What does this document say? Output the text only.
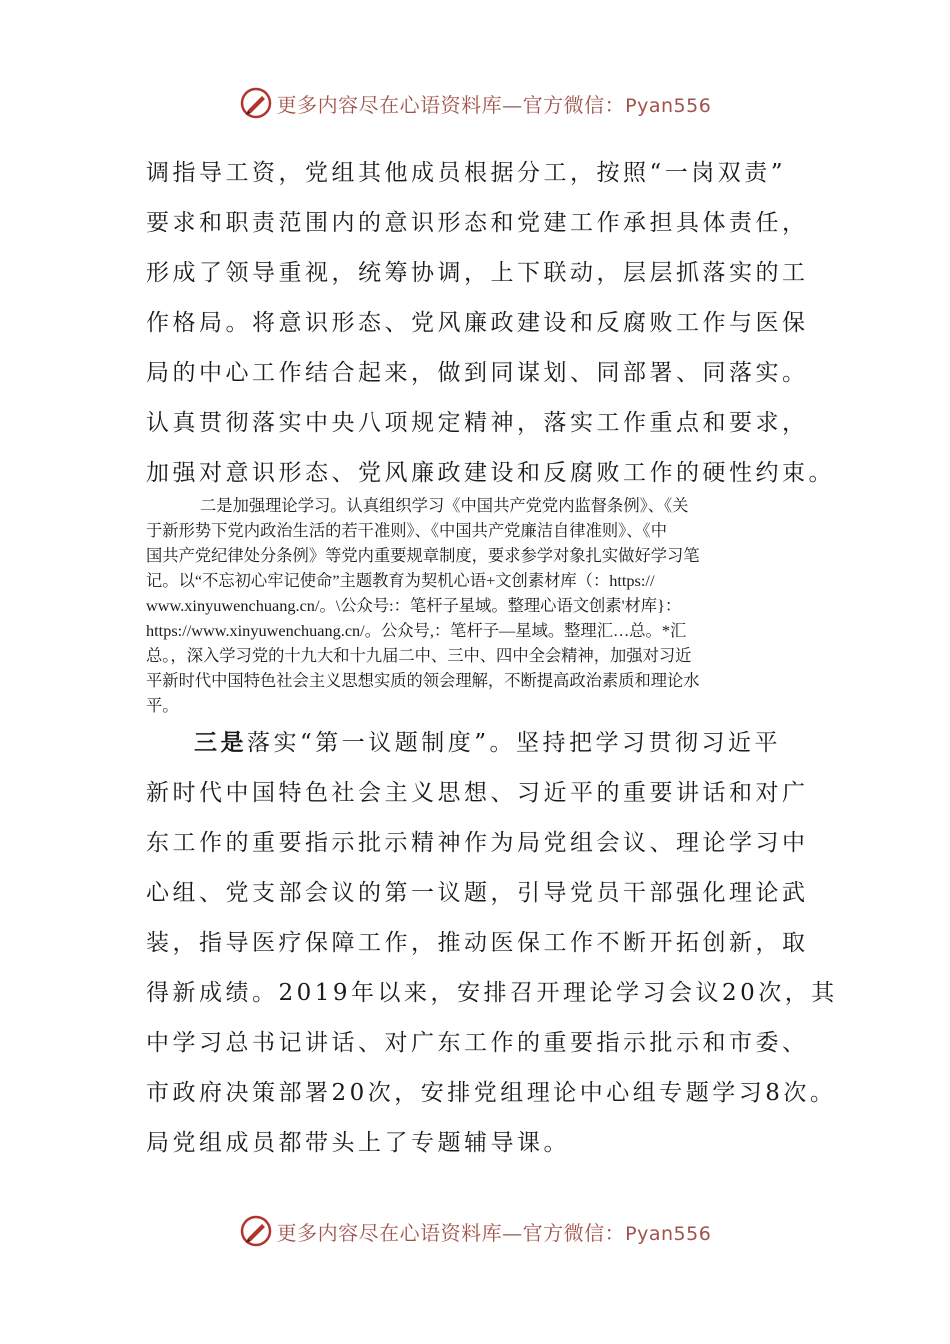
更多内容尽在心语资料库—官方微信：Pyan556
调指导工资，党组其他成员根据分工，按照“一岗双责”
要求和职责范围内的意识形态和党建工作承担具体责任，
形成了领导重视，统筹协调，上下联动，层层抓落实的工
作格局。将意识形态、党风廉政建设和反腐败工作与医保
局的中心工作结合起来，做到同谋划、同部署、同落实。
认真贯彻落实中央八项规定精神，落实工作重点和要求，
加强对意识形态、党风廉政建设和反腐败工作的硬性约束。
二是加强理论学习。认真组织学习《中国共产党党内监督条例》、《关
于新形势下党内政治生活的若干准则》、《中国共产党廉洁自律准则》、《中
国共产党纪律处分条例》等党内重要规章制度，要求参学对象扎实做好学习笔
记。以“不忘初心牢记使命”主题教育为契机心语+文创素材库（：https://
www.xinyuwenchuang.cn/。\公众号:：笔杆子星域。整理心语文创素'材库}：
https://www.xinyuwenchuang.cn/。公众号,：笔杆子—星域。整理汇…总。*汇
总。，深入学习党的十九大和十九届二中、三中、四中全会精神，加强对习近
平新时代中国特色社会主义思想实质的领会理解，不断提高政治素质和理论水
平。
三是落实“第一议题制度”。坚持把学习贯彻习近平
新时代中国特色社会主义思想、习近平的重要讲话和对广
东工作的重要指示批示精神作为局党组会议、理论学习中
心组、党支部会议的第一议题，引导党员干部强化理论武
装，指导医疗保障工作，推动医保工作不断开拓创新，取
得新成绩。2019年以来，安排召开理论学习会议20次，其
中学习总书记讲话、对广东工作的重要指示批示和市委、
市政府决策部署20次，安排党组理论中心组专题学习8次。
局党组成员都带头上了专题辅导课。
更多内容尽在心语资料库—官方微信：Pyan556
